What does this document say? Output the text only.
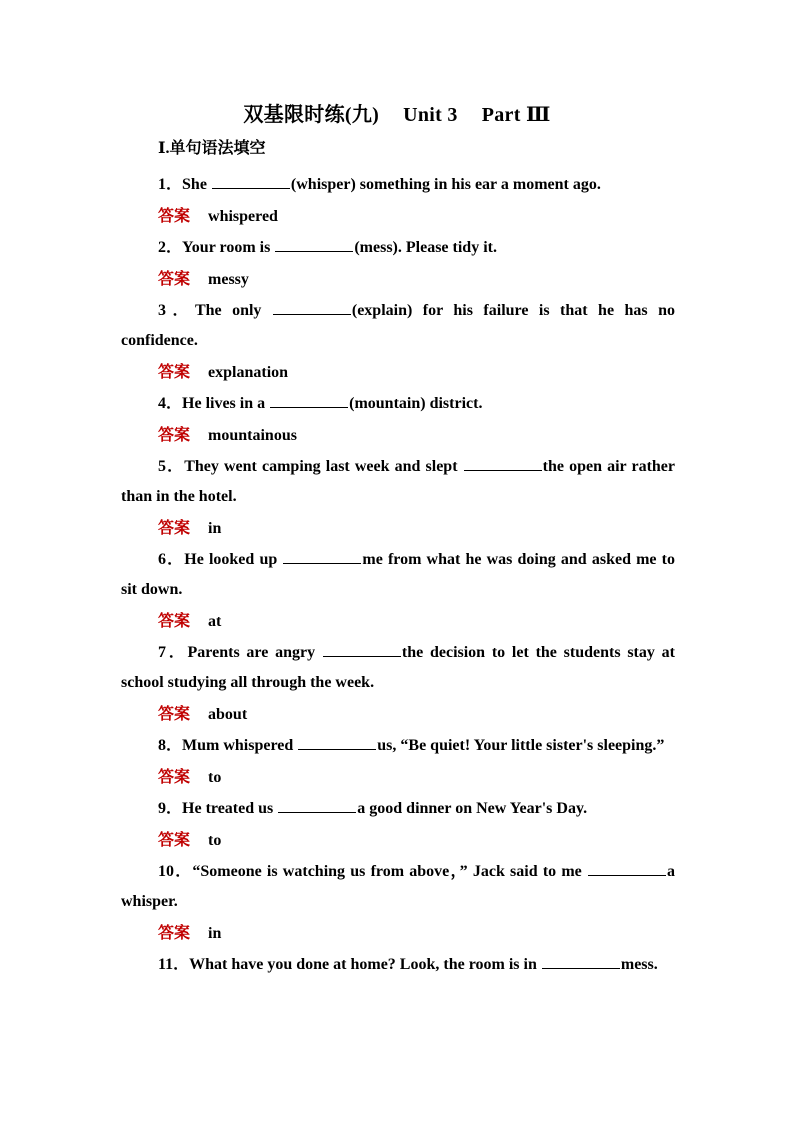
双基限时练(九) Unit 3 Part Ⅲ
Ⅰ.单句语法填空

1．She	(whisper) something in his ear a moment ago.

答案 whispered

2．Your room is	(mess). Please tidy it.

答案 messy

3．The only	(explain) for his failure is that he has no confidence.

答案 explanation

4．He lives in a	(mountain) district.

答案 mountainous

5．They went camping last week and slept	the open air rather than in the hotel.

答案 in

6．He looked up	me from what he was doing and asked me to sit down.

答案 at

7．Parents are angry	the decision to let the students stay at school studying all through the week.

答案 about

8．Mum whispered	us, “Be quiet! Your little sister's sleeping.”

答案 to

9．He treated us	a good dinner on New Year's Day.

答案 to

10．“Someone is watching us from above，” Jack said to me	a whisper.

答案 in

11．What have you done at home? Look, the room is in	mess.
